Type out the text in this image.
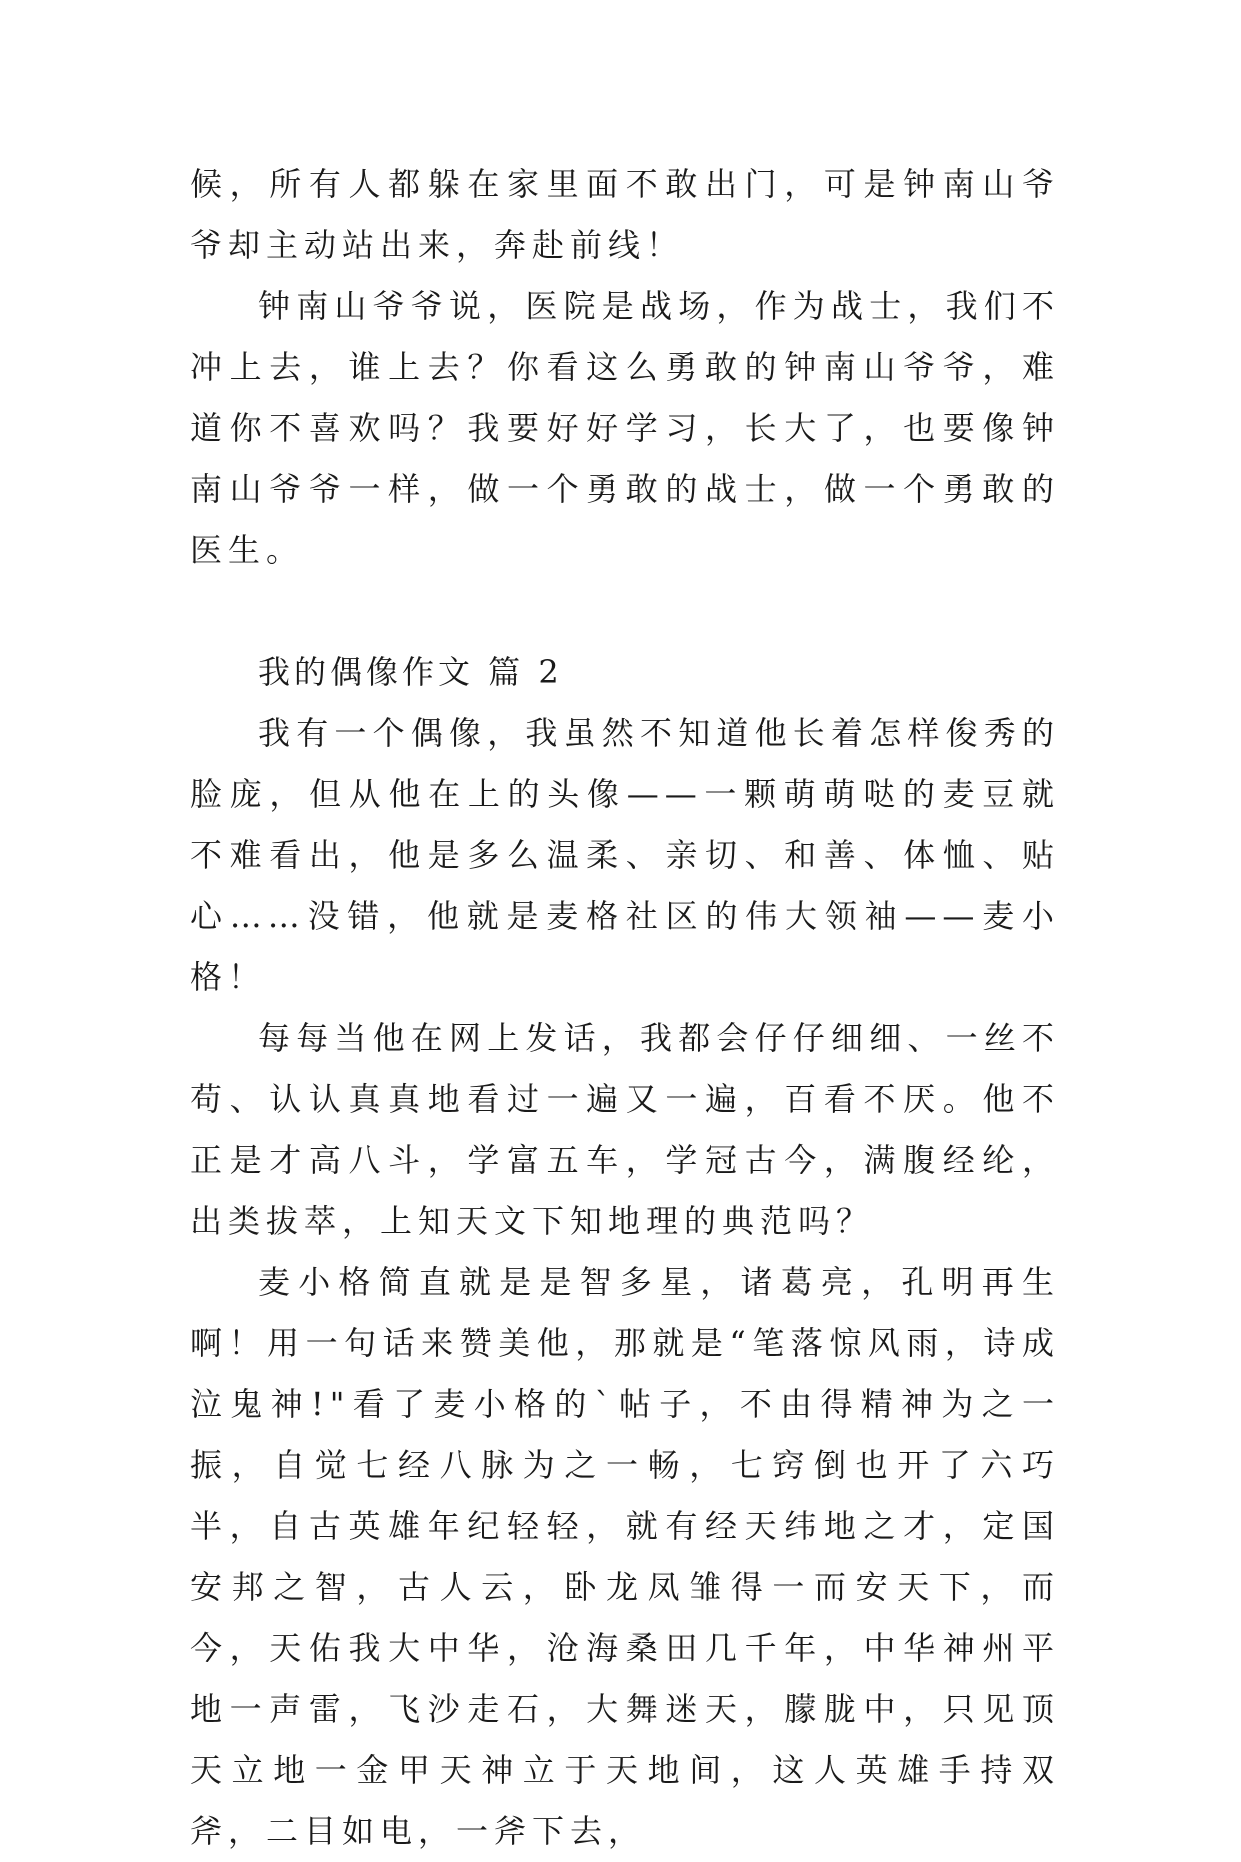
候，所有人都躲在家里面不敢出门，可是钟南山爷爷却主动站出来，奔赴前线！

钟南山爷爷说，医院是战场，作为战士，我们不冲上去，谁上去？你看这么勇敢的钟南山爷爷，难道你不喜欢吗？我要好好学习，长大了，也要像钟南山爷爷一样，做一个勇敢的战士，做一个勇敢的医生。

我的偶像作文 篇 2

我有一个偶像，我虽然不知道他长着怎样俊秀的脸庞，但从他在上的头像——一颗萌萌哒的麦豆就不难看出，他是多么温柔、亲切、和善、体恤、贴心……没错，他就是麦格社区的伟大领袖——麦小格！

每每当他在网上发话，我都会仔仔细细、一丝不苟、认认真真地看过一遍又一遍，百看不厌。他不正是才高八斗，学富五车，学冠古今，满腹经纶，出类拔萃，上知天文下知地理的典范吗？

麦小格简直就是是智多星，诸葛亮，孔明再生啊！用一句话来赞美他，那就是“笔落惊风雨，诗成泣鬼神!"看了麦小格的`帖子，不由得精神为之一振，自觉七经八脉为之一畅，七窍倒也开了六巧半，自古英雄年纪轻轻，就有经天纬地之才，定国安邦之智，古人云，卧龙凤雏得一而安天下，而今，天佑我大中华，沧海桑田几千年，中华神州平地一声雷，飞沙走石，大舞迷天，朦胧中，只见顶天立地一金甲天神立于天地间，这人英雄手持双斧，二目如电，一斧下去，
